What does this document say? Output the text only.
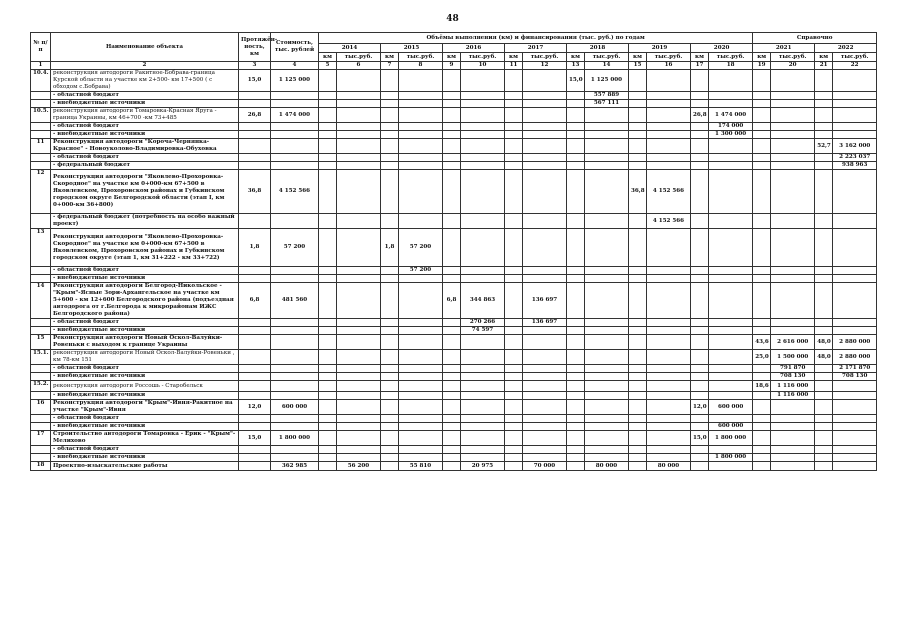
48
№ п/п	Наименование объекта	Протяжён- ность, км	Стоимость, тыс. рублей	Объёмы выполнения (км) и финансирования (тыс. руб.) по годам														Справочно			
				2014		2015		2016		2017		2018		2019		2020		2021		2022	
				км	тыс.руб.	км	тыс.руб.	км	тыс.руб.	км	тыс.руб.	км	тыс.руб.	км	тыс.руб.	км	тыс.руб.	км	тыс.руб.	км	тыс.руб.
1	2	3	4	5	6	7	8	9	10	11	12	13	14	15	16	17	18	19	20	21	22
10.4.	реконструкция автодороги Ракитное-Бобрава-граница Курской области на участке км 2+500- км 17+500 ( с обходом с.Бобрава)	15,0	1 125 000									15,0	1 125 000								
	- областной бюджет												557 889								
	- внебюджетные источники												567 111								
10.5.	реконструкция автодороги Томаровка-Красная Яруга - граница Украины, км 46+700 -км 73+485	26,8	1 474 000													26,8	1 474 000				
	- областной бюджет																174 000				
	- внебюджетные источники																1 300 000				
11	Реконструкция автодороги "Короча-Чернянка-Красное" - Новоуколово-Владимировка-Обуховка																			52,7	3 162 000
	- областной бюджет																				2 223 037
	- федеральный бюджет																				938 963
12	Реконструкция автодороги "Яковлево-Прохоровка-Скородное" на участке км 0+000-км 67+500 в Яковлевском, Прохоровском районах и Губкинском городском округе Белгородской области (этап I, км 0+000-км 36+800)	36,8	4 152 566											36,8	4 152 566						
	- федеральный бюджет (потребность на особо важный проект)														4 152 566						
13	Реконструкция автодороги "Яковлево-Прохоровка-Скородное" на участке км 0+000-км 67+500 в Яковлевском, Прохоровском районах и Губкинском городском округе (этап 1, км 31+222 - км 33+722)	1,8	57 200			1,8	57 200														
	- областной бюджет						57 200														
	- внебюджетные источники																				
14	Реконструкция автодороги Белгород-Никольское - "Крым"-Ясные Зори-Архангельское на участке км 5+600 - км 12+600 Белгородского района (подъездная автодорога от г.Белгорода к микрорайонам ИЖС Белгородского района)	6,8	481 560					6,8	344 863		136 697										
	- областной бюджет								270 266		136 697										
	- внебюджетные источники								74 597												
15	Реконструкция автодороги Новый Оскол-Валуйки-Ровеньки с выходом к границе Украины																	43,6	2 616 000	48,0	2 880 000
15.1.	реконструкция автодороги Новый Оскол-Валуйки-Ровеньки , км 78-км 151																	25,0	1 500 000	48,0	2 880 000
	- областной бюджет																		791 870		2 171 870
	- внебюджетные источники																		708 130		708 130
15.2.	реконструкция автодороги Россошь - Старобельск																	18,6	1 116 000		
	- внебюджетные источники																		1 116 000		
16	Реконструкция автодороги "Крым"-Ивня-Ракитное на участке "Крым"-Ивня	12,0	600 000													12,0	600 000				
	- областной бюджет																				
	- внебюджетные источники																600 000				
17	Строительство автодороги Томаровка - Ерик - "Крым"- Мелихово	15,0	1 800 000													15,0	1 800 000				
	- областной бюджет																				
	- внебюджетные источники																1 800 000				
18	Проектно-изыскательские работы		362 985		56 200		55 810		20 975		70 000		80 000		80 000						
